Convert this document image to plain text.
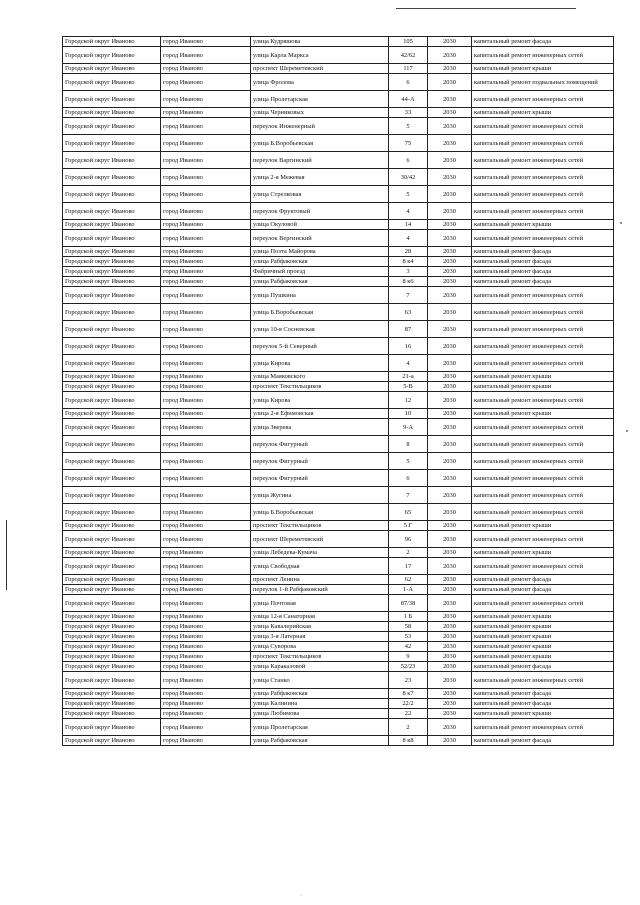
Городской округ Иваново	город Иваново	улица Кудряшова	105	2030	капитальный ремонт фасада
Городской округ Иваново	город Иваново	улица Карла Маркса	42/62	2030	капитальный ремонт инженерных сетей
Городской округ Иваново	город Иваново	проспект Шереметевский	117	2030	капитальный ремонт крыши
Городской округ Иваново	город Иваново	улица Фролова	6	2030	капитальный ремонт подвальных помещений
Городской округ Иваново	город Иваново	улица Пролетарская	44-А	2030	капитальный ремонт инженерных сетей
Городской округ Иваново	город Иваново	улица Черниковых	33	2030	капитальный ремонт крыши
Городской округ Иваново	город Иваново	переулок Инженерный	5	2030	капитальный ремонт инженерных сетей
Городской округ Иваново	город Иваново	улица Б.Воробьевская	75	2030	капитальный ремонт инженерных сетей
Городской округ Иваново	город Иваново	переулок Варгинский	6	2030	капитальный ремонт инженерных сетей
Городской округ Иваново	город Иваново	улица 2-я Межевая	30/42	2030	капитальный ремонт инженерных сетей
Городской округ Иваново	город Иваново	улица Стрелковая	5	2030	капитальный ремонт инженерных сетей
Городской округ Иваново	город Иваново	переулок Фруктовый	4	2030	капитальный ремонт инженерных сетей
Городской округ Иваново	город Иваново	улица Окуловой	14	2030	капитальный ремонт крыши
Городской округ Иваново	город Иваново	переулок Вергинский	4	2030	капитальный ремонт инженерных сетей
Городской округ Иваново	город Иваново	улица Поэта Майорова	28	2030	капитальный ремонт фасада
Городской округ Иваново	город Иваново	улица Рабфаковская	8 к4	2030	капитальный ремонт фасада
Городской округ Иваново	город Иваново	Фабричный проезд	3	2030	капитальный ремонт фасада
Городской округ Иваново	город Иваново	улица Рабфаковская	8 к6	2030	капитальный ремонт фасада
Городской округ Иваново	город Иваново	улица Пушкина	7	2030	капитальный ремонт инженерных сетей
Городской округ Иваново	город Иваново	улица Б.Воробьевская	63	2030	капитальный ремонт инженерных сетей
Городской округ Иваново	город Иваново	улица 10-я Сосневская	87	2030	капитальный ремонт инженерных сетей
Городской округ Иваново	город Иваново	переулок 5-й Северный	16	2030	капитальный ремонт инженерных сетей
Городской округ Иваново	город Иваново	улица Кирова	4	2030	капитальный ремонт инженерных сетей
Городской округ Иваново	город Иваново	улица Маяковского	21-а	2030	капитальный ремонт крыши
Городской округ Иваново	город Иваново	проспект Текстильщиков	5-В	2030	капитальный ремонт крыши
Городской округ Иваново	город Иваново	улица Кирова	12	2030	капитальный ремонт инженерных сетей
Городской округ Иваново	город Иваново	улица 2-я Ефимовская	10	2030	капитальный ремонт крыши
Городской округ Иваново	город Иваново	улица Зверева	9-А	2030	капитальный ремонт инженерных сетей
Городской округ Иваново	город Иваново	переулок Фигурный	8	2030	капитальный ремонт инженерных сетей
Городской округ Иваново	город Иваново	переулок Фигурный	5	2030	капитальный ремонт инженерных сетей
Городской округ Иваново	город Иваново	переулок Фигурный	6	2030	капитальный ремонт инженерных сетей
Городской округ Иваново	город Иваново	улица Жугина	7	2030	капитальный ремонт инженерных сетей
Городской округ Иваново	город Иваново	улица Б.Воробьевская	65	2030	капитальный ремонт инженерных сетей
Городской округ Иваново	город Иваново	проспект Текстильщиков	5 Г	2030	капитальный ремонт крыши
Городской округ Иваново	город Иваново	проспект Шереметевский	96	2030	капитальный ремонт инженерных сетей
Городской округ Иваново	город Иваново	улица Лебедева-Кумача	2	2030	капитальный ремонт крыши
Городской округ Иваново	город Иваново	улица Свободная	17	2030	капитальный ремонт инженерных сетей
Городской округ Иваново	город Иваново	проспект Ленина	62	2030	капитальный ремонт фасада
Городской округ Иваново	город Иваново	переулок 1-й Рабфаковский	1-А	2030	капитальный ремонт фасада
Городской округ Иваново	город Иваново	улица Почтовая	87/38	2030	капитальный ремонт инженерных сетей
Городской округ Иваново	город Иваново	улица 12-я Санаторная	1 Б	2030	капитальный ремонт крыши
Городской округ Иваново	город Иваново	улица Кавалерийская	58	2030	капитальный ремонт крыши
Городской округ Иваново	город Иваново	улица 3-я Латерная	53	2030	капитальный ремонт крыши
Городской округ Иваново	город Иваново	улица Суворова	42	2030	капитальный ремонт крыши
Городской округ Иваново	город Иваново	проспект Текстильщиков	9	2030	капитальный ремонт крыши
Городской округ Иваново	город Иваново	улица Каракаловой	52/23	2030	капитальный ремонт фасада
Городской округ Иваново	город Иваново	улица Станко	23	2030	капитальный ремонт инженерных сетей
Городской округ Иваново	город Иваново	улица Рабфаковская	8 к7	2030	капитальный ремонт фасада
Городской округ Иваново	город Иваново	улица Калинина	22/2	2030	капитальный ремонт фасада
Городской округ Иваново	город Иваново	улица Любимова	22	2030	капитальный ремонт крыши
Городской округ Иваново	город Иваново	улица Пролетарская	2	2030	капитальный ремонт инженерных сетей
Городской округ Иваново	город Иваново	улица Рабфаковская	8 к8	2030	капитальный ремонт фасада
·
